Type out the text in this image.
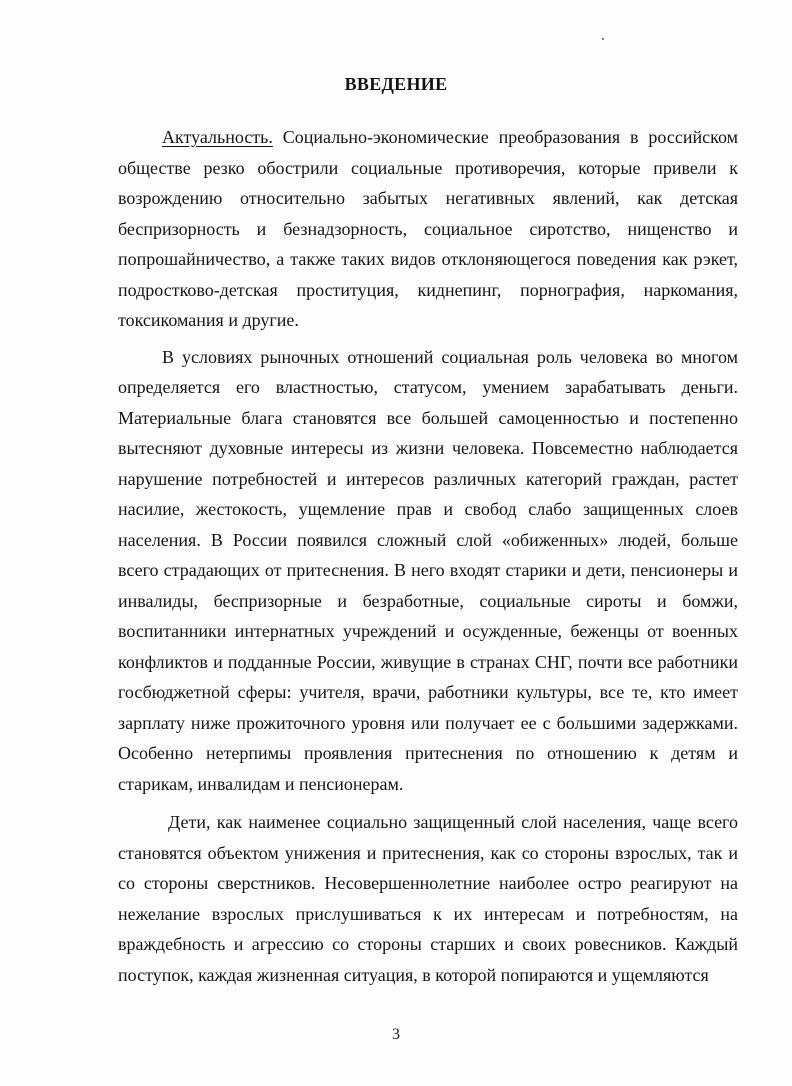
ВВЕДЕНИЕ

Актуальность. Социально-экономические преобразования в российском обществе резко обострили социальные противоречия, которые привели к возрождению относительно забытых негативных явлений, как детская беспризорность и безнадзорность, социальное сиротство, нищенство и попрошайничество, а также таких видов отклоняющегося поведения как рэкет, подростково-детская проституция, киднепинг, порнография, наркомания, токсикомания и другие.

В условиях рыночных отношений социальная роль человека во многом определяется его властностью, статусом, умением зарабатывать деньги. Материальные блага становятся все большей самоценностью и постепенно вытесняют духовные интересы из жизни человека. Повсеместно наблюдается нарушение потребностей и интересов различных категорий граждан, растет насилие, жестокость, ущемление прав и свобод слабо защищенных слоев населения. В России появился сложный слой «обиженных» людей, больше всего страдающих от притеснения. В него входят старики и дети, пенсионеры и инвалиды, беспризорные и безработные, социальные сироты и бомжи, воспитанники интернатных учреждений и осужденные, беженцы от военных конфликтов и подданные России, живущие в странах СНГ, почти все работники госбюджетной сферы: учителя, врачи, работники культуры, все те, кто имеет зарплату ниже прожиточного уровня или получает ее с большими задержками. Особенно нетерпимы проявления притеснения по отношению к детям и старикам, инвалидам и пенсионерам.

Дети, как наименее социально защищенный слой населения, чаще всего становятся объектом унижения и притеснения, как со стороны взрослых, так и со стороны сверстников. Несовершеннолетние наиболее остро реагируют на нежелание взрослых прислушиваться к их интересам и потребностям, на враждебность и агрессию со стороны старших и своих ровесников. Каждый поступок, каждая жизненная ситуация, в которой попираются и ущемляются

3
